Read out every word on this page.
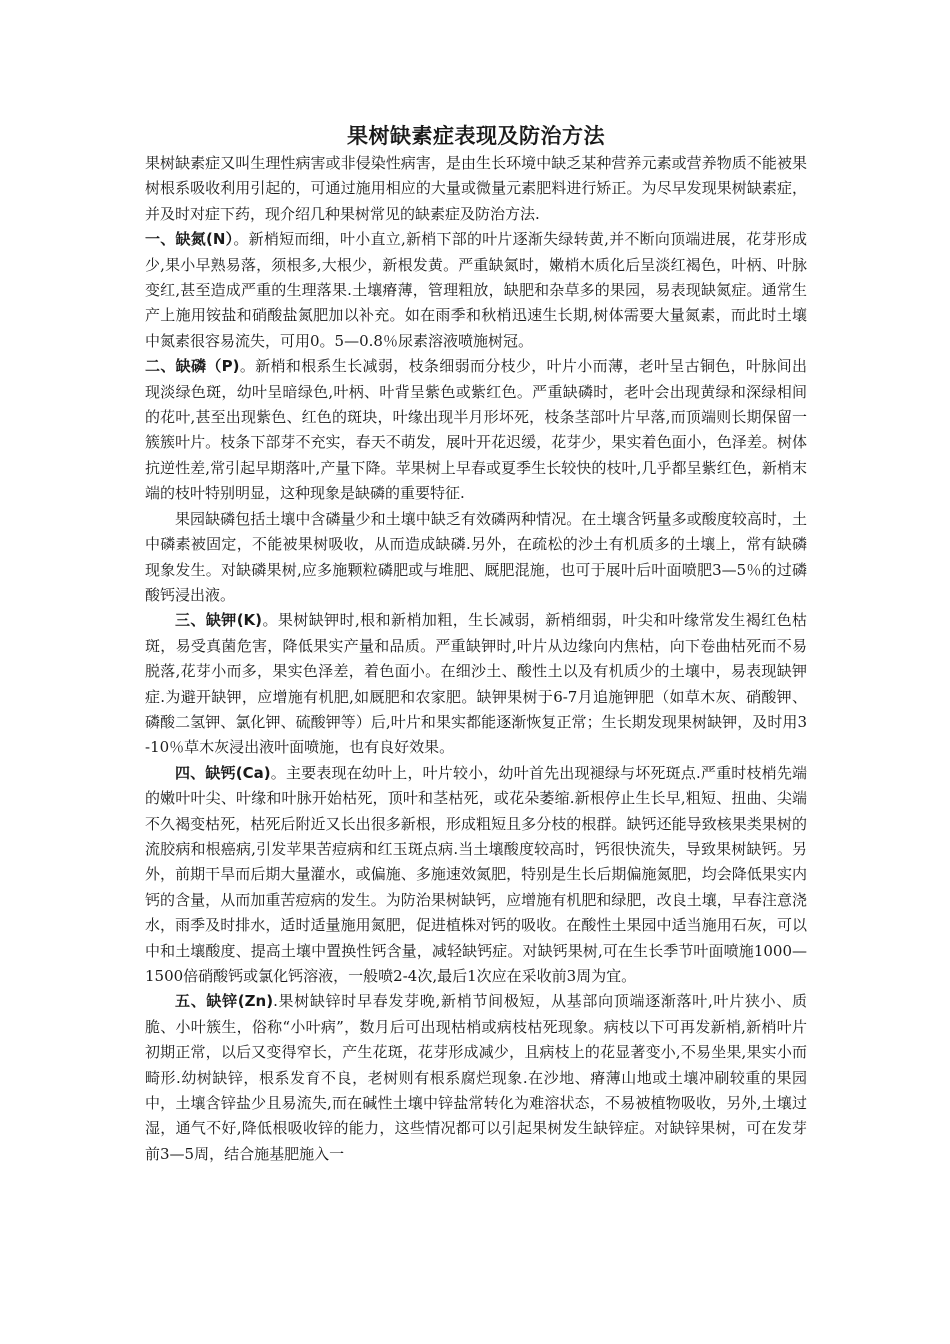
果树缺素症表现及防治方法

果树缺素症又叫生理性病害或非侵染性病害，是由生长环境中缺乏某种营养元素或营养物质不能被果树根系吸收利用引起的，可通过施用相应的大量或微量元素肥料进行矫正。为尽早发现果树缺素症，并及时对症下药，现介绍几种果树常见的缺素症及防治方法.

一、缺氮(N）。新梢短而细，叶小直立,新梢下部的叶片逐渐失绿转黄,并不断向顶端进展，花芽形成少,果小早熟易落，须根多,大根少，新根发黄。严重缺氮时，嫩梢木质化后呈淡红褐色，叶柄、叶脉变红,甚至造成严重的生理落果.土壤瘠薄，管理粗放，缺肥和杂草多的果园，易表现缺氮症。通常生产上施用铵盐和硝酸盐氮肥加以补充。如在雨季和秋梢迅速生长期,树体需要大量氮素，而此时土壤中氮素很容易流失，可用0。5—0.8％尿素溶液喷施树冠。

二、缺磷（P)。新梢和根系生长减弱，枝条细弱而分枝少，叶片小而薄，老叶呈古铜色，叶脉间出现淡绿色斑，幼叶呈暗绿色,叶柄、叶背呈紫色或紫红色。严重缺磷时，老叶会出现黄绿和深绿相间的花叶,甚至出现紫色、红色的斑块，叶缘出现半月形坏死，枝条茎部叶片早落,而顶端则长期保留一簇簇叶片。枝条下部芽不充实，春天不萌发，展叶开花迟缓，花芽少，果实着色面小，色泽差。树体抗逆性差,常引起早期落叶,产量下降。苹果树上早春或夏季生长较快的枝叶,几乎都呈紫红色，新梢末端的枝叶特别明显，这种现象是缺磷的重要特征.

果园缺磷包括土壤中含磷量少和土壤中缺乏有效磷两种情况。在土壤含钙量多或酸度较高时，土中磷素被固定，不能被果树吸收，从而造成缺磷.另外，在疏松的沙土有机质多的土壤上，常有缺磷现象发生。对缺磷果树,应多施颗粒磷肥或与堆肥、厩肥混施，也可于展叶后叶面喷肥3—5％的过磷酸钙浸出液。

三、缺钾(K)。果树缺钾时,根和新梢加粗，生长减弱，新梢细弱，叶尖和叶缘常发生褐红色枯斑，易受真菌危害，降低果实产量和品质。严重缺钾时,叶片从边缘向内焦枯，向下卷曲枯死而不易脱落,花芽小而多，果实色泽差，着色面小。在细沙土、酸性土以及有机质少的土壤中，易表现缺钾症.为避开缺钾，应增施有机肥,如厩肥和农家肥。缺钾果树于6-7月追施钾肥（如草木灰、硝酸钾、磷酸二氢钾、氯化钾、硫酸钾等）后,叶片和果实都能逐渐恢复正常；生长期发现果树缺钾，及时用3-10％草木灰浸出液叶面喷施，也有良好效果。

四、缺钙(Ca)。主要表现在幼叶上，叶片较小，幼叶首先出现褪绿与坏死斑点.严重时枝梢先端的嫩叶叶尖、叶缘和叶脉开始枯死，顶叶和茎枯死，或花朵萎缩.新根停止生长早,粗短、扭曲、尖端不久褐变枯死，枯死后附近又长出很多新根，形成粗短且多分枝的根群。缺钙还能导致核果类果树的流胶病和根癌病,引发苹果苦痘病和红玉斑点病.当土壤酸度较高时，钙很快流失，导致果树缺钙。另外，前期干旱而后期大量灌水，或偏施、多施速效氮肥，特别是生长后期偏施氮肥，均会降低果实内钙的含量，从而加重苦痘病的发生。为防治果树缺钙，应增施有机肥和绿肥，改良土壤，早春注意浇水，雨季及时排水，适时适量施用氮肥，促进植株对钙的吸收。在酸性土果园中适当施用石灰，可以中和土壤酸度、提高土壤中置换性钙含量，减轻缺钙症。对缺钙果树,可在生长季节叶面喷施1000—1500倍硝酸钙或氯化钙溶液，一般喷2-4次,最后1次应在采收前3周为宜。

五、缺锌(Zn).果树缺锌时早春发芽晚,新梢节间极短，从基部向顶端逐渐落叶,叶片狭小、质脆、小叶簇生，俗称“小叶病”，数月后可出现枯梢或病枝枯死现象。病枝以下可再发新梢,新梢叶片初期正常，以后又变得窄长，产生花斑，花芽形成减少，且病枝上的花显著变小,不易坐果,果实小而畸形.幼树缺锌，根系发育不良，老树则有根系腐烂现象.在沙地、瘠薄山地或土壤冲刷较重的果园中，土壤含锌盐少且易流失,而在碱性土壤中锌盐常转化为难溶状态，不易被植物吸收，另外,土壤过湿，通气不好,降低根吸收锌的能力，这些情况都可以引起果树发生缺锌症。对缺锌果树，可在发芽前3—5周，结合施基肥施入一
